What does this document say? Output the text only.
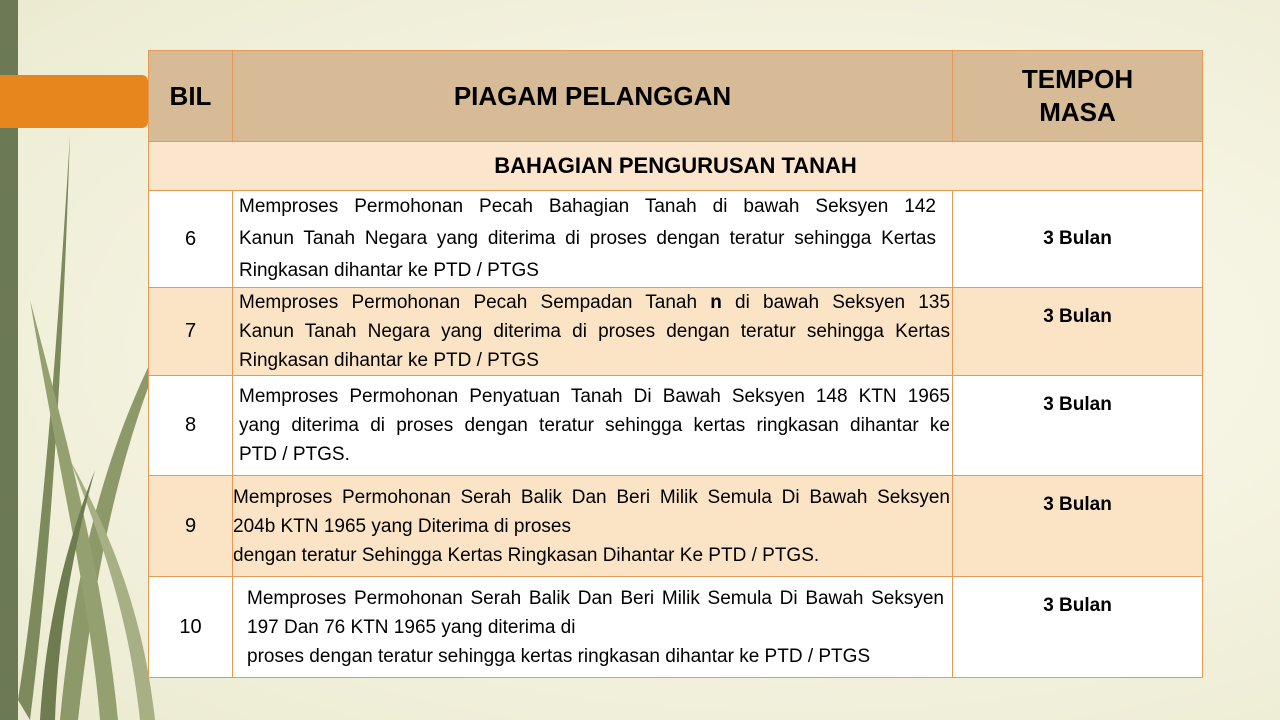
BIL	PIAGAM PELANGGAN	TEMPOH
MASA
BAHAGIAN PENGURUSAN TANAH		
6	Memproses Permohonan Pecah Bahagian Tanah di bawah Seksyen 142
Kanun Tanah Negara yang diterima di proses dengan teratur sehingga Kertas
Ringkasan dihantar ke PTD / PTGS	3 Bulan
7	Memproses Permohonan Pecah Sempadan Tanah n di bawah Seksyen 135
Kanun Tanah Negara yang diterima di proses dengan teratur sehingga Kertas
Ringkasan dihantar ke PTD / PTGS	3 Bulan
8	Memproses Permohonan Penyatuan Tanah Di Bawah Seksyen 148 KTN 1965
yang diterima di proses dengan teratur sehingga kertas ringkasan dihantar ke
PTD / PTGS.	3 Bulan
9	Memproses Permohonan Serah Balik Dan Beri Milik Semula Di Bawah Seksyen
204b KTN 1965 yang Diterima di proses
dengan teratur Sehingga Kertas Ringkasan Dihantar Ke PTD / PTGS.	3 Bulan
10	Memproses Permohonan Serah Balik Dan Beri Milik Semula Di Bawah Seksyen
197 Dan 76 KTN 1965 yang diterima di
proses dengan teratur sehingga kertas ringkasan dihantar ke PTD / PTGS	3 Bulan
